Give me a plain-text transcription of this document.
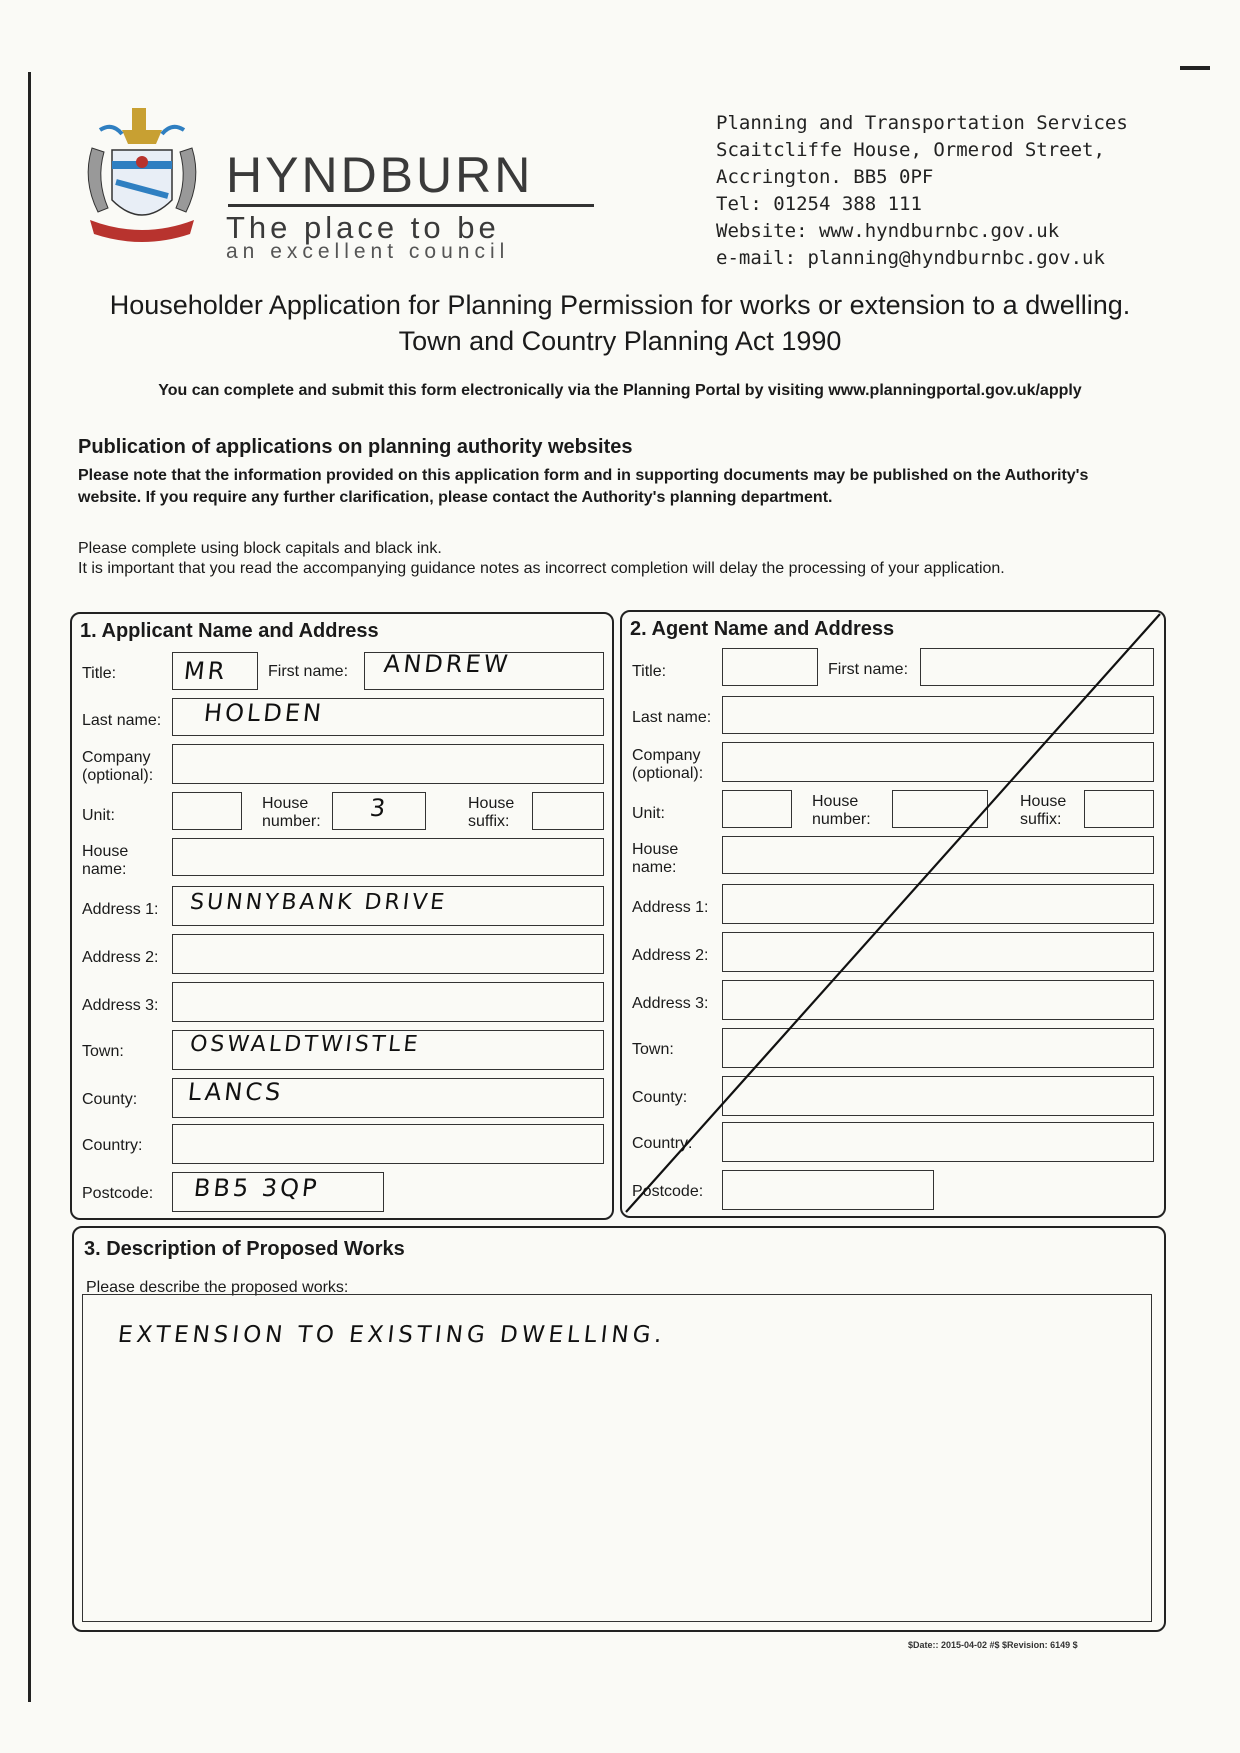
HYNDBURN
The place to be
an excellent council
Planning and Transportation Services
Scaitcliffe House, Ormerod Street,
Accrington. BB5 0PF
Tel: 01254 388 111
Website: www.hyndburnbc.gov.uk
e-mail: planning@hyndburnbc.gov.uk
Householder Application for Planning Permission for works or extension to a dwelling.
Town and Country Planning Act 1990
You can complete and submit this form electronically via the Planning Portal by visiting www.planningportal.gov.uk/apply
Publication of applications on planning authority websites
Please note that the information provided on this application form and in supporting documents may be published on the Authority's website. If you require any further clarification, please contact the Authority's planning department.
Please complete using block capitals and black ink.
It is important that you read the accompanying guidance notes as incorrect completion will delay the processing of your application.
1. Applicant Name and Address
Title:	MR First name: ANDREW
Last name: HOLDEN
Company
(optional):
Unit:
House
number: 3	House
suffix:
House
name:
Address 1: SUNNYBANK DRIVE
Address 2:
Address 3:
Town:	OSWALDTWISTLE
County: LANCS
Country:
Postcode: BB5 3QP
2. Agent Name and Address
Title:	First name:
Last name:
Company
(optional):
Unit:
House
number:
House
suffix:
House
name:
Address 1:
Address 2:
Address 3:
Town:
County:
Country:
Postcode:
3. Description of Proposed Works
Please describe the proposed works:
EXTENSION TO EXISTING DWELLING.
$Date:: 2015-04-02 #$ $Revision: 6149 $
